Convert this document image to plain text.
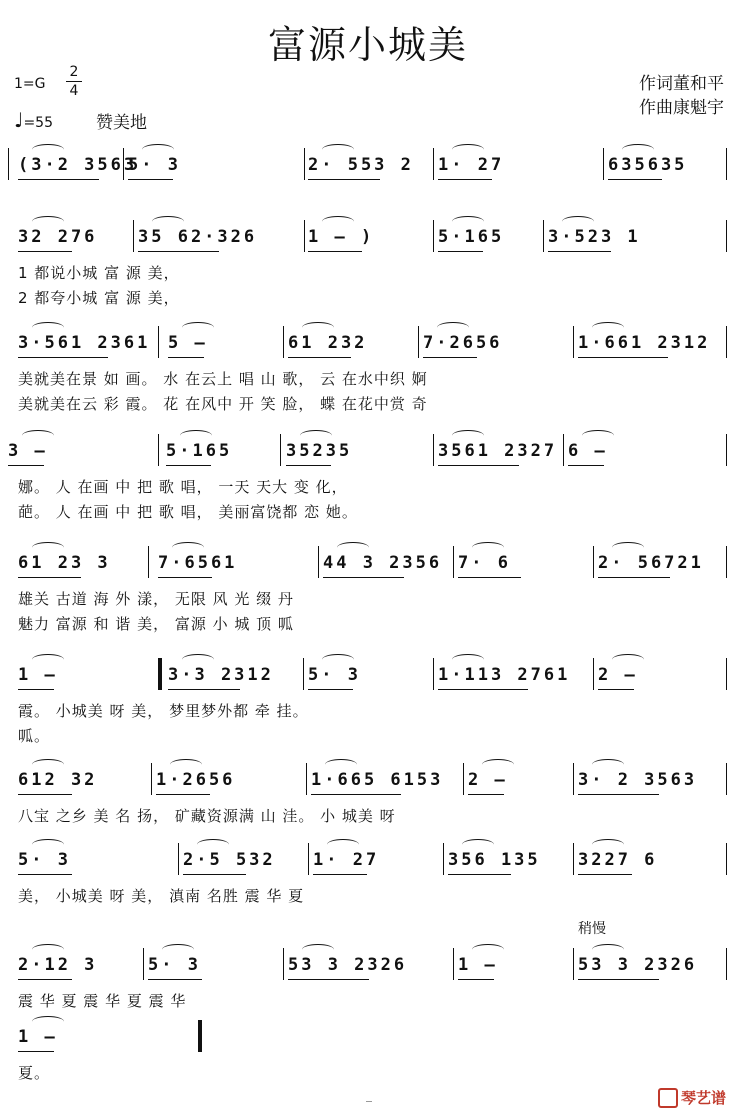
富源小城美
1=G
2
4
♩=55	赞美地
作词董和平
作曲康魁宇
(3·2 3563
5· 3	2· 553 2 1· 27	635635
32 276 35 62·326	1 — )	5·165	3·523 1
1 都说小城 富 源 美，
2 都夸小城 富 源 美，
3·561 2361 5 —	61 232	7·2656	1·661 2312
美就美在景 如 画。 水 在云上 唱 山 歌， 云 在水中织 婀
美就美在云 彩 霞。 花 在风中 开 笑 脸， 蝶 在花中赏 奇
3 —	5·165	35235	3561 2327 6 —
娜。 人 在画 中 把 歌 唱， 一天 天大 变 化，
葩。 人 在画 中 把 歌 唱， 美丽富饶都 恋 她。
61 23 3	7·6561	44 3 2356 7· 6	2· 56721
雄关 古道 海 外 漾， 无限 风 光 缀 丹
魅力 富源 和 谐 美， 富源 小 城 顶 呱
1 —	3·3 2312 5· 3	1·113 2761 2 —
霞。 小城美 呀 美， 梦里梦外都 牵 挂。
呱。
612 32	1·2656	1·665 6153 2 —	3· 2 3563
八宝 之乡 美 名 扬， 矿藏资源满 山 洼。 小 城美 呀
5· 3	2·5 532 1· 27	356 135 3227 6
美， 小城美 呀 美， 滇南 名胜 震 华 夏
2·12 3	5· 3	53 3 2326	1 —	53 3 2326
震 华 夏 震 华 夏 震 华
稍慢
1 —
夏。
琴艺谱
